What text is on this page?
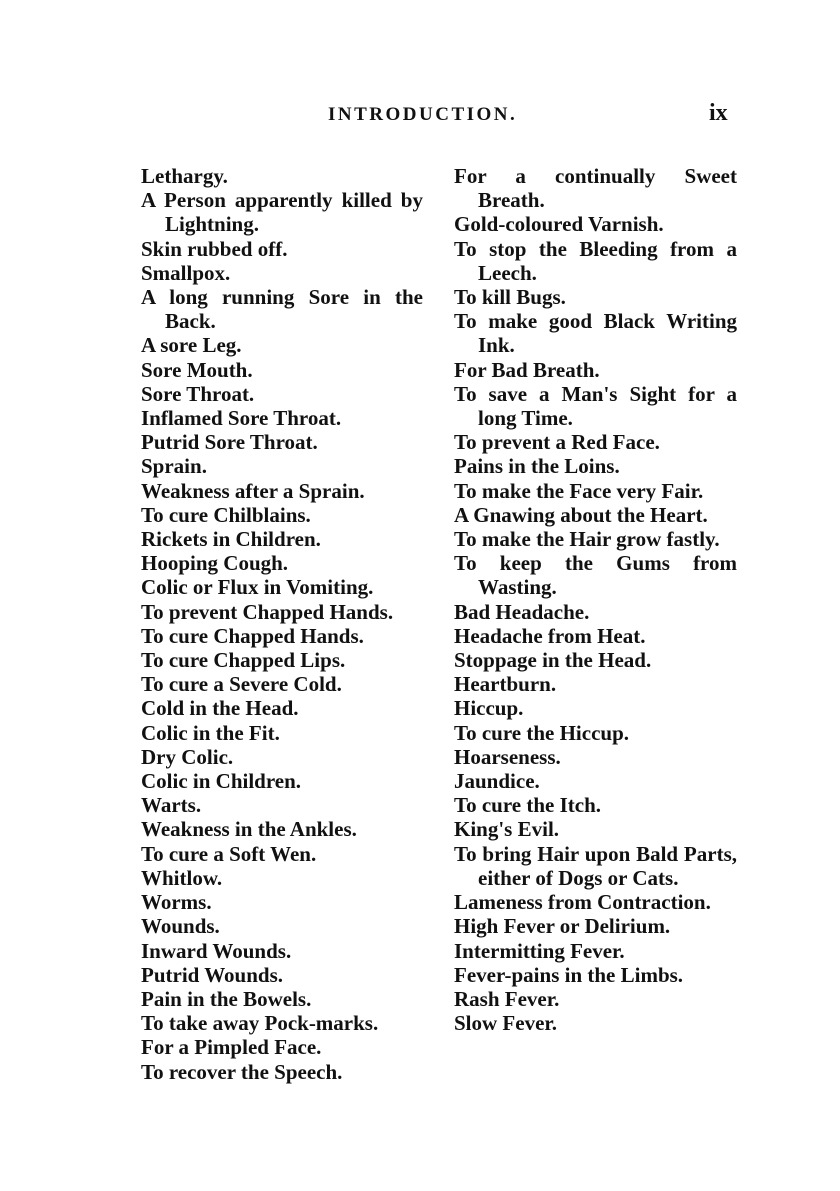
INTRODUCTION.	ix
Lethargy.
A Person apparently killed by Lightning.
Skin rubbed off.
Smallpox.
A long running Sore in the Back.
A sore Leg.
Sore Mouth.
Sore Throat.
Inflamed Sore Throat.
Putrid Sore Throat.
Sprain.
Weakness after a Sprain.
To cure Chilblains.
Rickets in Children.
Hooping Cough.
Colic or Flux in Vomiting.
To prevent Chapped Hands.
To cure Chapped Hands.
To cure Chapped Lips.
To cure a Severe Cold.
Cold in the Head.
Colic in the Fit.
Dry Colic.
Colic in Children.
Warts.
Weakness in the Ankles.
To cure a Soft Wen.
Whitlow.
Worms.
Wounds.
Inward Wounds.
Putrid Wounds.
Pain in the Bowels.
To take away Pock-marks.
For a Pimpled Face.
To recover the Speech.
For a continually Sweet Breath.
Gold-coloured Varnish.
To stop the Bleeding from a Leech.
To kill Bugs.
To make good Black Writing Ink.
For Bad Breath.
To save a Man's Sight for a long Time.
To prevent a Red Face.
Pains in the Loins.
To make the Face very Fair.
A Gnawing about the Heart.
To make the Hair grow fastly.
To keep the Gums from Wasting.
Bad Headache.
Headache from Heat.
Stoppage in the Head.
Heartburn.
Hiccup.
To cure the Hiccup.
Hoarseness.
Jaundice.
To cure the Itch.
King's Evil.
To bring Hair upon Bald Parts, either of Dogs or Cats.
Lameness from Contraction.
High Fever or Delirium.
Intermitting Fever.
Fever-pains in the Limbs.
Rash Fever.
Slow Fever.
